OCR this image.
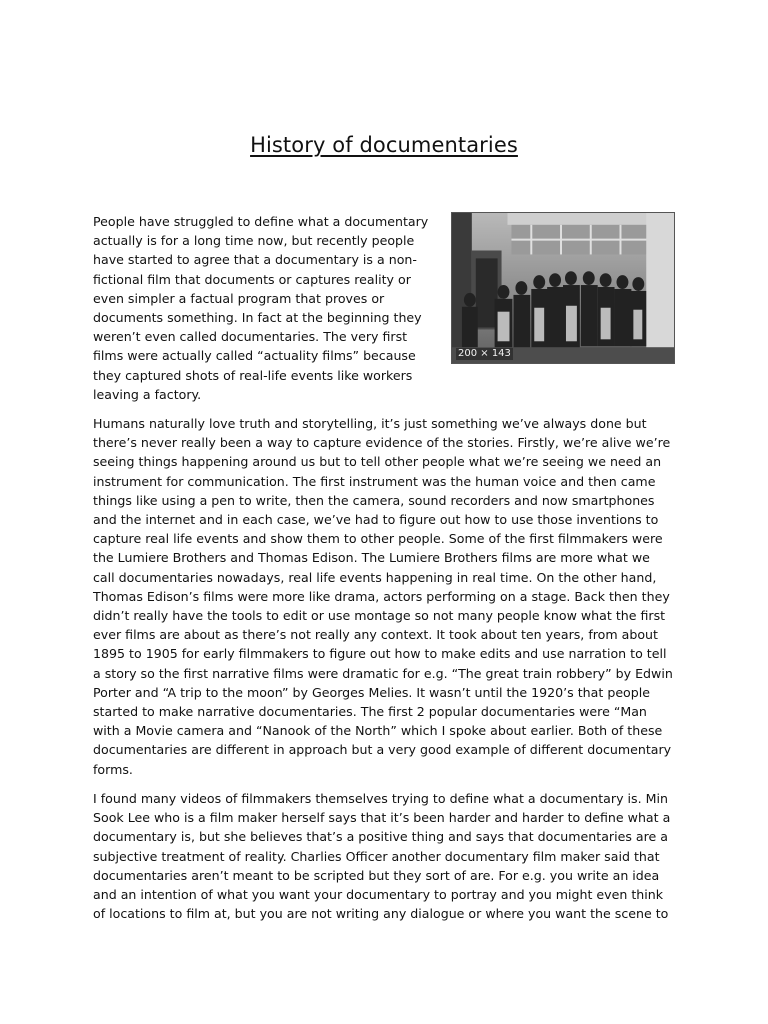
History of documentaries

200 × 143
People have struggled to define what a documentary actually is for a long time now, but recently people have started to agree that a documentary is a non-fictional film that documents or captures reality or even simpler a factual program that proves or documents something. In fact at the beginning they weren’t even called documentaries. The very first films were actually called “actuality films” because they captured shots of real-life events like workers leaving a factory.

Humans naturally love truth and storytelling, it’s just something we’ve always done but there’s never really been a way to capture evidence of the stories. Firstly, we’re alive we’re seeing things happening around us but to tell other people what we’re seeing we need an instrument for communication. The first instrument was the human voice and then came things like using a pen to write, then the camera, sound recorders and now smartphones and the internet and in each case, we’ve had to figure out how to use those inventions to capture real life events and show them to other people. Some of the first filmmakers were the Lumiere Brothers and Thomas Edison. The Lumiere Brothers films are more what we call documentaries nowadays, real life events happening in real time. On the other hand, Thomas Edison’s films were more like drama, actors performing on a stage. Back then they didn’t really have the tools to edit or use montage so not many people know what the first ever films are about as there’s not really any context. It took about ten years, from about 1895 to 1905 for early filmmakers to figure out how to make edits and use narration to tell a story so the first narrative films were dramatic for e.g. “The great train robbery” by Edwin Porter and “A trip to the moon” by Georges Melies. It wasn’t until the 1920’s that people started to make narrative documentaries. The first 2 popular documentaries were “Man with a Movie camera and “Nanook of the North” which I spoke about earlier. Both of these documentaries are different in approach but a very good example of different documentary forms.

I found many videos of filmmakers themselves trying to define what a documentary is. Min Sook Lee who is a film maker herself says that it’s been harder and harder to define what a documentary is, but she believes that’s a positive thing and says that documentaries are a subjective treatment of reality. Charlies Officer another documentary film maker said that documentaries aren’t meant to be scripted but they sort of are. For e.g. you write an idea and an intention of what you want your documentary to portray and you might even think of locations to film at, but you are not writing any dialogue or where you want the scene to
